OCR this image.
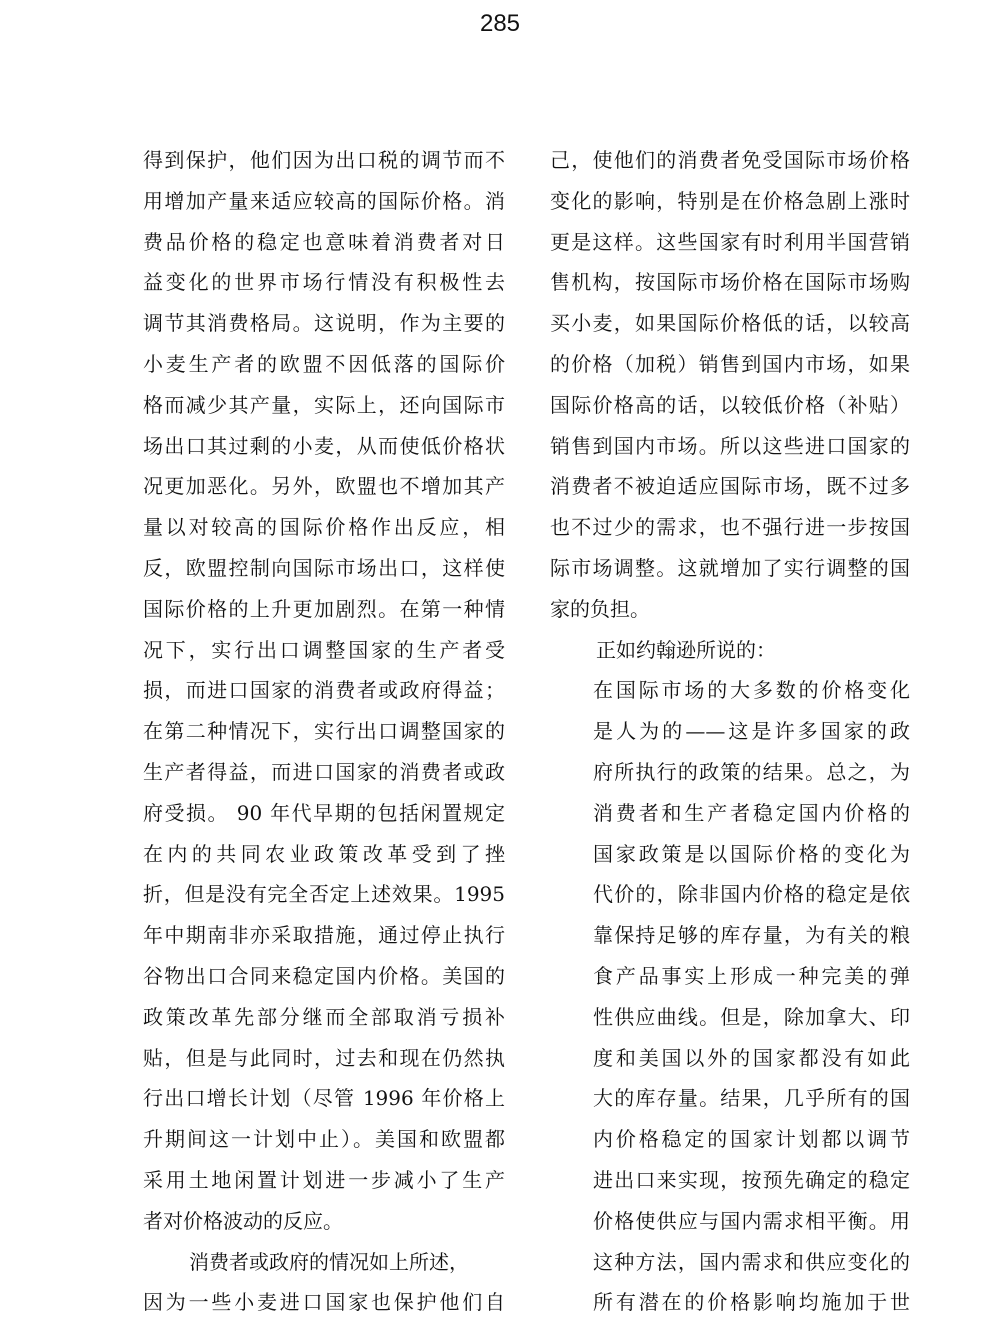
285
得到保护，他们因为出口税的调节而不
用增加产量来适应较高的国际价格。消
费品价格的稳定也意味着消费者对日
益变化的世界市场行情没有积极性去
调节其消费格局。这说明，作为主要的
小麦生产者的欧盟不因低落的国际价
格而减少其产量，实际上，还向国际市
场出口其过剩的小麦，从而使低价格状
况更加恶化。另外，欧盟也不增加其产
量以对较高的国际价格作出反应，相
反，欧盟控制向国际市场出口，这样使
国际价格的上升更加剧烈。在第一种情
况下，实行出口调整国家的生产者受
损，而进口国家的消费者或政府得益；
在第二种情况下，实行出口调整国家的
生产者得益，而进口国家的消费者或政
府受损。 90 年代早期的包括闲置规定
在内的共同农业政策改革受到了挫
折，但是没有完全否定上述效果。1995
年中期南非亦采取措施，通过停止执行
谷物出口合同来稳定国内价格。美国的
政策改革先部分继而全部取消亏损补
贴，但是与此同时，过去和现在仍然执
行出口增长计划（尽管 1996 年价格上
升期间这一计划中止）。美国和欧盟都
采用土地闲置计划进一步减小了生产
者对价格波动的反应。
消费者或政府的情况如上所述，
因为一些小麦进口国家也保护他们自
己，使他们的消费者免受国际市场价格
变化的影响，特别是在价格急剧上涨时
更是这样。这些国家有时利用半国营销
售机构，按国际市场价格在国际市场购
买小麦，如果国际价格低的话，以较高
的价格（加税）销售到国内市场，如果
国际价格高的话，以较低价格（补贴）
销售到国内市场。所以这些进口国家的
消费者不被迫适应国际市场，既不过多
也不过少的需求，也不强行进一步按国
际市场调整。这就增加了实行调整的国
家的负担。
正如约翰逊所说的：
在国际市场的大多数的价格变化
是人为的——这是许多国家的政
府所执行的政策的结果。总之，为
消费者和生产者稳定国内价格的
国家政策是以国际价格的变化为
代价的，除非国内价格的稳定是依
靠保持足够的库存量，为有关的粮
食产品事实上形成一种完美的弹
性供应曲线。但是，除加拿大、印
度和美国以外的国家都没有如此
大的库存量。结果，几乎所有的国
内价格稳定的国家计划都以调节
进出口来实现，按预先确定的稳定
价格使供应与国内需求相平衡。用
这种方法，国内需求和供应变化的
所有潜在的价格影响均施加于世
